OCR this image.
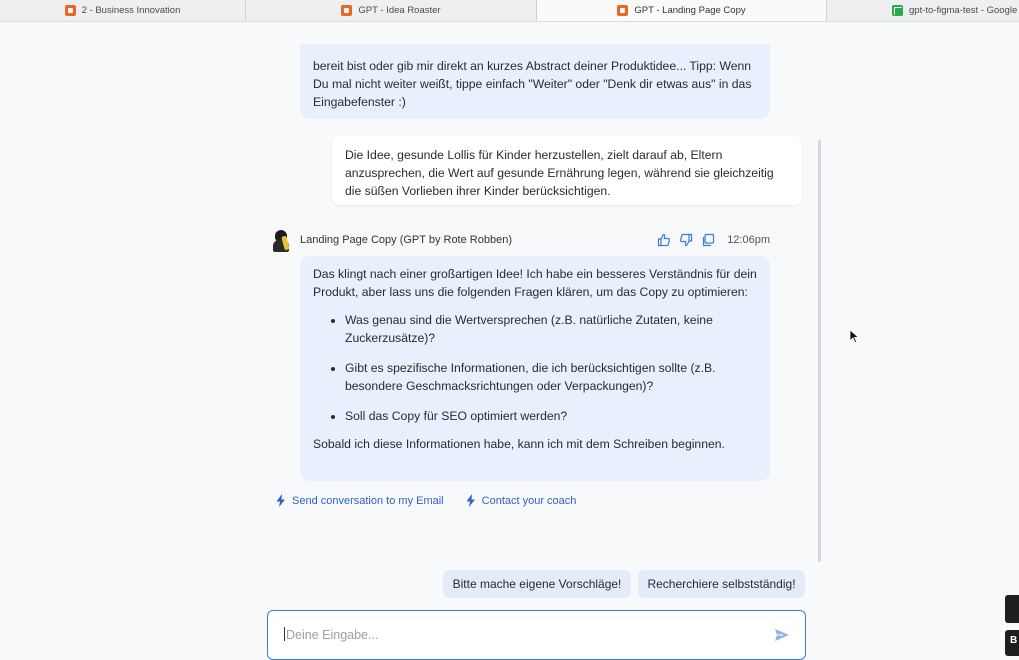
2 - Business Innovation	GPT - Idea Roaster	GPT - Landing Page Copy	gpt-to-figma-test - Google

bereit bist oder gib mir direkt an kurzes Abstract deiner Produktidee... Tipp: Wenn Du mal nicht weiter weißt, tippe einfach "Weiter" oder "Denk dir etwas aus" in das Eingabefenster :)

Die Idee, gesunde Lollis für Kinder herzustellen, zielt darauf ab, Eltern anzusprechen, die Wert auf gesunde Ernährung legen, während sie gleichzeitig die süßen Vorlieben ihrer Kinder berücksichtigen.

Landing Page Copy (GPT by Rote Robben)	12:06pm

Das klingt nach einer großartigen Idee! Ich habe ein besseres Verständnis für dein Produkt, aber lass uns die folgenden Fragen klären, um das Copy zu optimieren:

• Was genau sind die Wertversprechen (z.B. natürliche Zutaten, keine Zuckerzusätze)?
• Gibt es spezifische Informationen, die ich berücksichtigen sollte (z.B. besondere Geschmacksrichtungen oder Verpackungen)?
• Soll das Copy für SEO optimiert werden?

Sobald ich diese Informationen habe, kann ich mit dem Schreiben beginnen.

Send conversation to my Email	Contact your coach
Bitte mache eigene Vorschläge! Recherchiere selbstständig!
Deine Eingabe...
B
